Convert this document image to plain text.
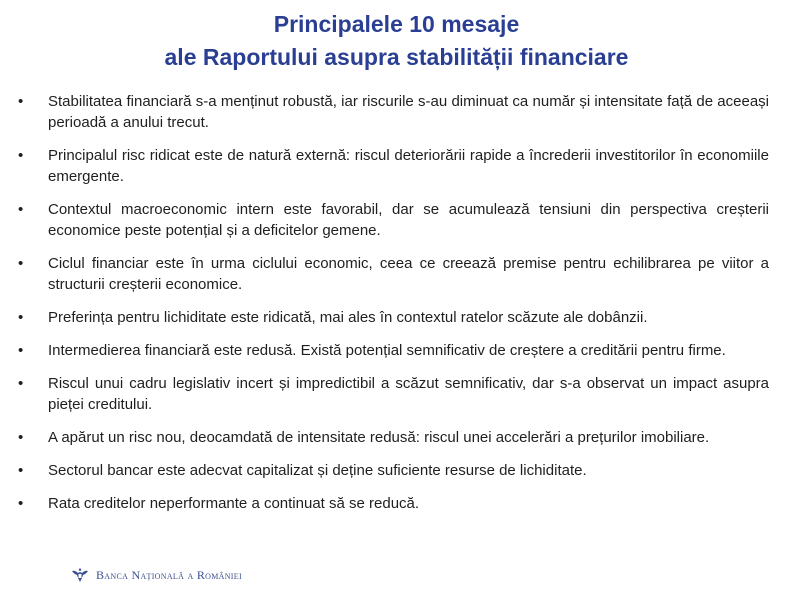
Principalele 10 mesaje
ale Raportului asupra stabilității financiare
• Stabilitatea financiară s-a menținut robustă, iar riscurile s-au diminuat ca număr și intensitate față de aceeași perioadă a anului trecut.
• Principalul risc ridicat este de natură externă: riscul deteriorării rapide a încrederii investitorilor în economiile emergente.
• Contextul macroeconomic intern este favorabil, dar se acumulează tensiuni din perspectiva creșterii economice peste potențial și a deficitelor gemene.
• Ciclul financiar este în urma ciclului economic, ceea ce creează premise pentru echilibrarea pe viitor a structurii creșterii economice.
• Preferința pentru lichiditate este ridicată, mai ales în contextul ratelor scăzute ale dobânzii.
• Intermedierea financiară este redusă. Există potențial semnificativ de creștere a creditării pentru firme.
• Riscul unui cadru legislativ incert și impredictibil a scăzut semnificativ, dar s-a observat un impact asupra pieței creditului.
• A apărut un risc nou, deocamdată de intensitate redusă: riscul unei accelerări a prețurilor imobiliare.
• Sectorul bancar este adecvat capitalizat și deține suficiente resurse de lichiditate.
• Rata creditelor neperformante a continuat să se reducă.
Banca Națională a României
